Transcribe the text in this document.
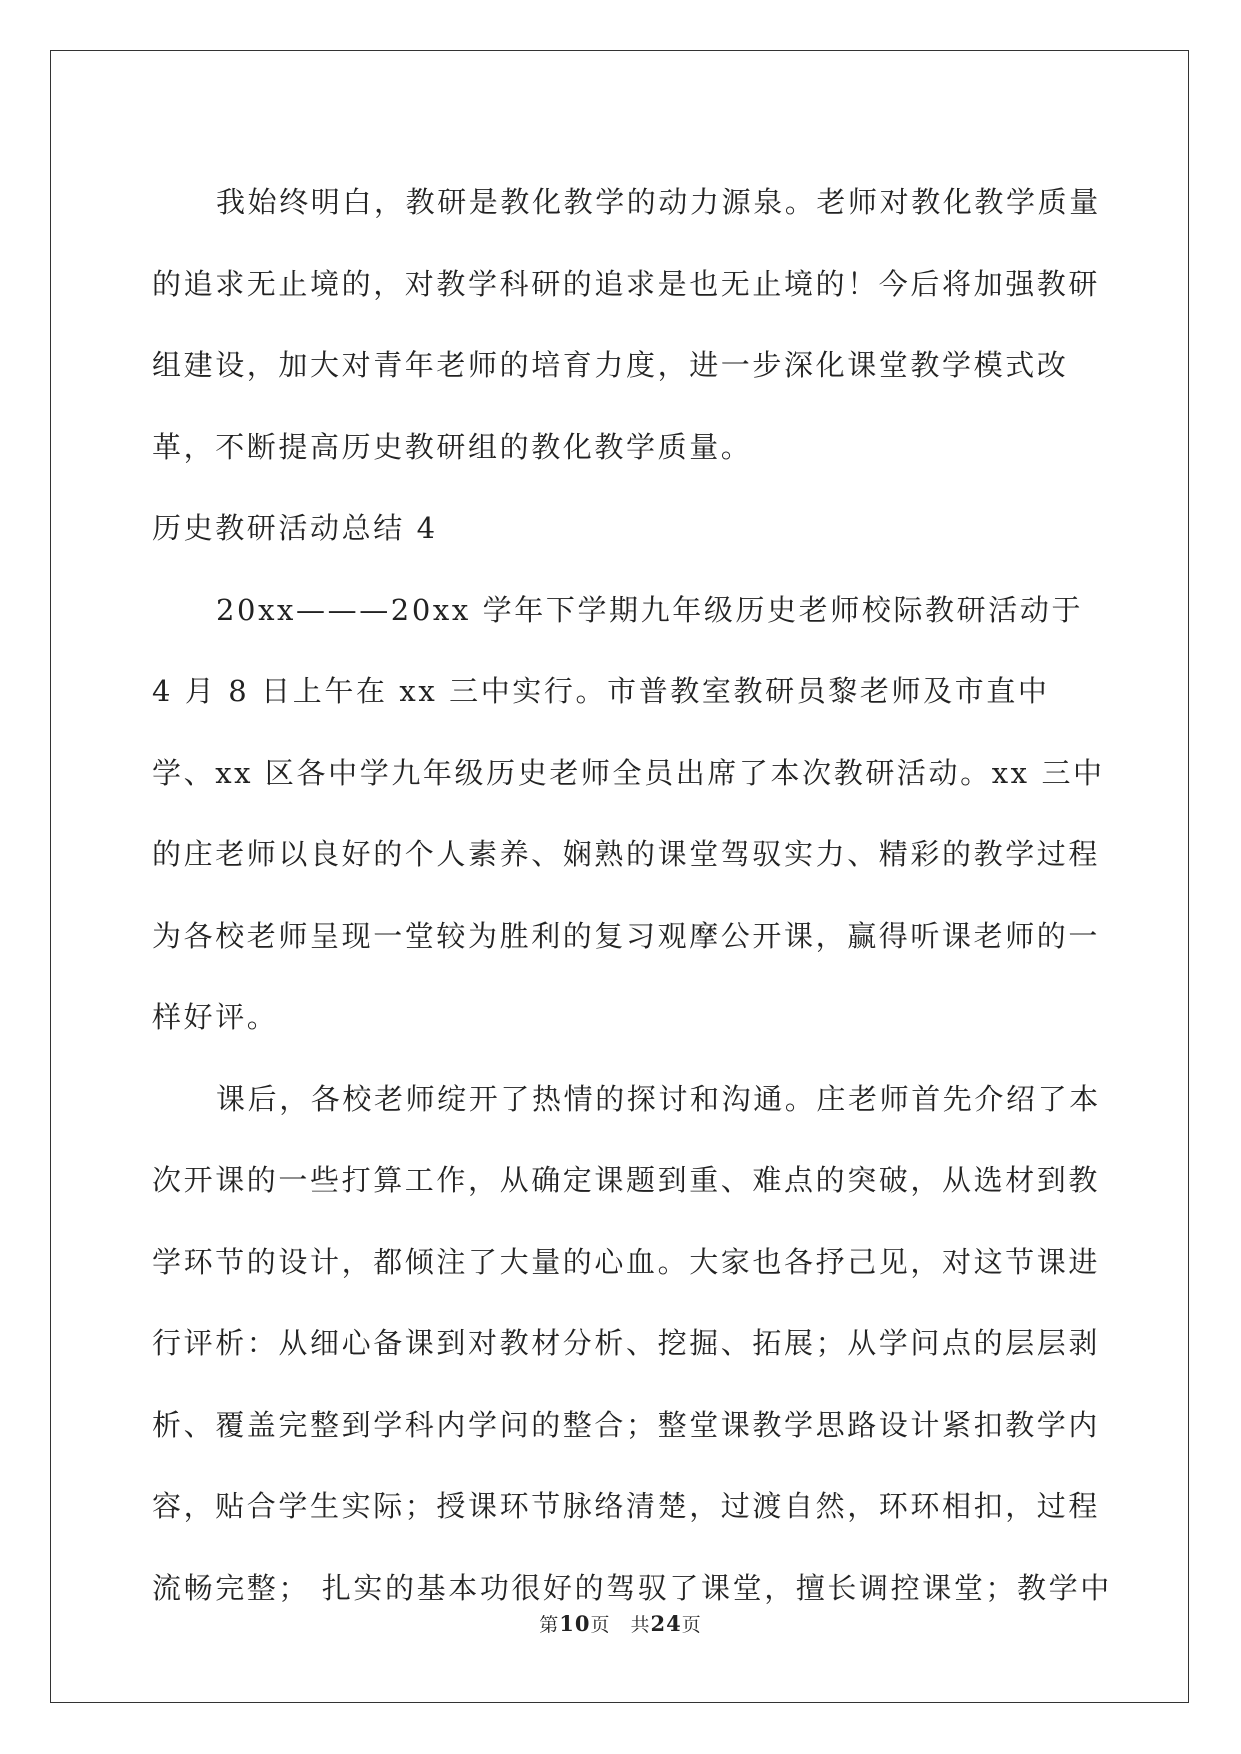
我始终明白，教研是教化教学的动力源泉。老师对教化教学质量的追求无止境的，对教学科研的追求是也无止境的！今后将加强教研组建设，加大对青年老师的培育力度，进一步深化课堂教学模式改革，不断提高历史教研组的教化教学质量。

历史教研活动总结 4

20xx———20xx 学年下学期九年级历史老师校际教研活动于 4 月 8 日上午在 xx 三中实行。市普教室教研员黎老师及市直中学、xx 区各中学九年级历史老师全员出席了本次教研活动。xx 三中的庄老师以良好的个人素养、娴熟的课堂驾驭实力、精彩的教学过程为各校老师呈现一堂较为胜利的复习观摩公开课，赢得听课老师的一样好评。

课后，各校老师绽开了热情的探讨和沟通。庄老师首先介绍了本次开课的一些打算工作，从确定课题到重、难点的突破，从选材到教学环节的设计，都倾注了大量的心血。大家也各抒己见，对这节课进行评析：从细心备课到对教材分析、挖掘、拓展；从学问点的层层剥析、覆盖完整到学科内学问的整合；整堂课教学思路设计紧扣教学内容，贴合学生实际；授课环节脉络清楚，过渡自然，环环相扣，过程流畅完整； 扎实的基本功很好的驾驭了课堂，擅长调控课堂；教学中

第10页　共24页
